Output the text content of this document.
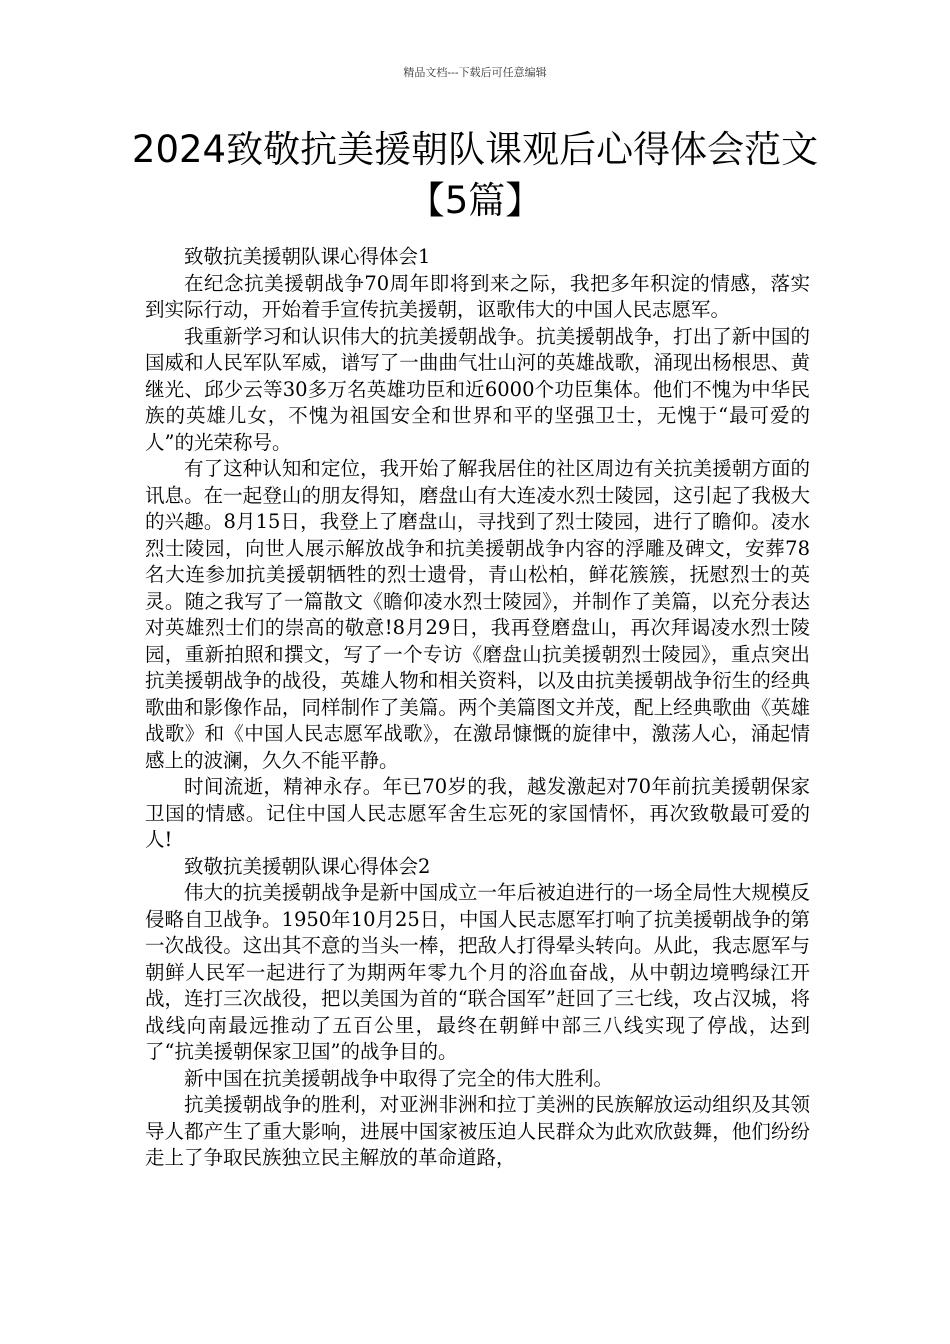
精品文档---下载后可任意编辑
2024致敬抗美援朝队课观后心得体会范文【5篇】

致敬抗美援朝队课心得体会1

在纪念抗美援朝战争70周年即将到来之际，我把多年积淀的情感，落实到实际行动，开始着手宣传抗美援朝，讴歌伟大的中国人民志愿军。

我重新学习和认识伟大的抗美援朝战争。抗美援朝战争，打出了新中国的国威和人民军队军威，谱写了一曲曲气壮山河的英雄战歌，涌现出杨根思、黄继光、邱少云等30多万名英雄功臣和近6000个功臣集体。他们不愧为中华民族的英雄儿女，不愧为祖国安全和世界和平的坚强卫士，无愧于“最可爱的人”的光荣称号。

有了这种认知和定位，我开始了解我居住的社区周边有关抗美援朝方面的讯息。在一起登山的朋友得知，磨盘山有大连凌水烈士陵园，这引起了我极大的兴趣。8月15日，我登上了磨盘山，寻找到了烈士陵园，进行了瞻仰。凌水烈士陵园，向世人展示解放战争和抗美援朝战争内容的浮雕及碑文，安葬78名大连参加抗美援朝牺牲的烈士遗骨，青山松柏，鲜花簇簇，抚慰烈士的英灵。随之我写了一篇散文《瞻仰凌水烈士陵园》，并制作了美篇，以充分表达对英雄烈士们的崇高的敬意!8月29日，我再登磨盘山，再次拜谒凌水烈士陵园，重新拍照和撰文，写了一个专访《磨盘山抗美援朝烈士陵园》，重点突出抗美援朝战争的战役，英雄人物和相关资料，以及由抗美援朝战争衍生的经典歌曲和影像作品，同样制作了美篇。两个美篇图文并茂，配上经典歌曲《英雄战歌》和《中国人民志愿军战歌》，在激昂慷慨的旋律中，激荡人心，涌起情感上的波澜，久久不能平静。

时间流逝，精神永存。年已70岁的我，越发激起对70年前抗美援朝保家卫国的情感。记住中国人民志愿军舍生忘死的家国情怀，再次致敬最可爱的人!

致敬抗美援朝队课心得体会2

伟大的抗美援朝战争是新中国成立一年后被迫进行的一场全局性大规模反侵略自卫战争。1950年10月25日，中国人民志愿军打响了抗美援朝战争的第一次战役。这出其不意的当头一棒，把敌人打得晕头转向。从此，我志愿军与朝鲜人民军一起进行了为期两年零九个月的浴血奋战，从中朝边境鸭绿江开战，连打三次战役，把以美国为首的“联合国军”赶回了三七线，攻占汉城，将战线向南最远推动了五百公里，最终在朝鲜中部三八线实现了停战，达到了“抗美援朝保家卫国”的战争目的。

新中国在抗美援朝战争中取得了完全的伟大胜利。

抗美援朝战争的胜利，对亚洲非洲和拉丁美洲的民族解放运动组织及其领导人都产生了重大影响，进展中国家被压迫人民群众为此欢欣鼓舞，他们纷纷走上了争取民族独立民主解放的革命道路，
